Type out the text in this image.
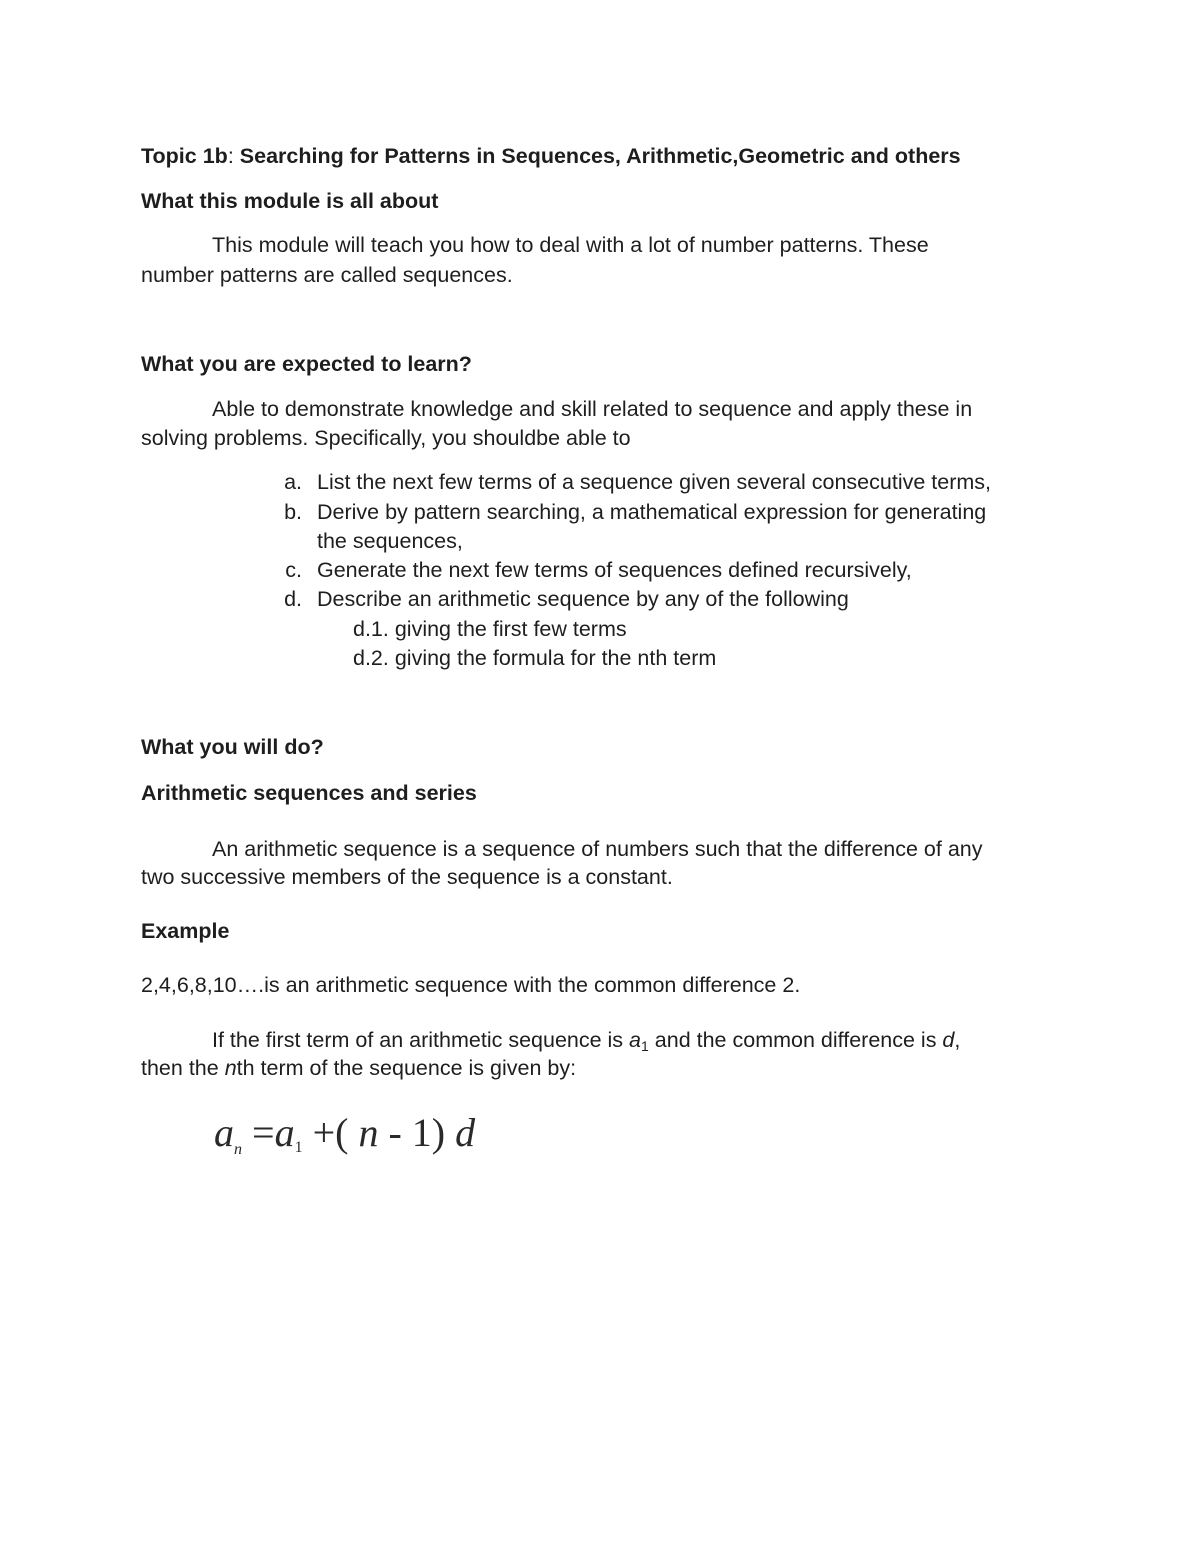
Topic 1b: Searching for Patterns in Sequences, Arithmetic,Geometric and others
What this module is all about
This module will teach you how to deal with a lot of number patterns. These
number patterns are called sequences.
What you are expected to learn?
Able to demonstrate knowledge and skill related to sequence and apply these in
solving problems. Specifically, you shouldbe able to
a. List the next few terms of a sequence given several consecutive terms,
b. Derive by pattern searching, a mathematical expression for generating
the sequences,
c. Generate the next few terms of sequences defined recursively,
d. Describe an arithmetic sequence by any of the following
d.1. giving the first few terms
d.2. giving the formula for the nth term
What you will do?
Arithmetic sequences and series
An arithmetic sequence is a sequence of numbers such that the difference of any
two successive members of the sequence is a constant.
Example
2,4,6,8,10….is an arithmetic sequence with the common difference 2.
If the first term of an arithmetic sequence is a1 and the common difference is d,
then the nth term of the sequence is given by:
$a_n =a_1$ +( n - 1) d
